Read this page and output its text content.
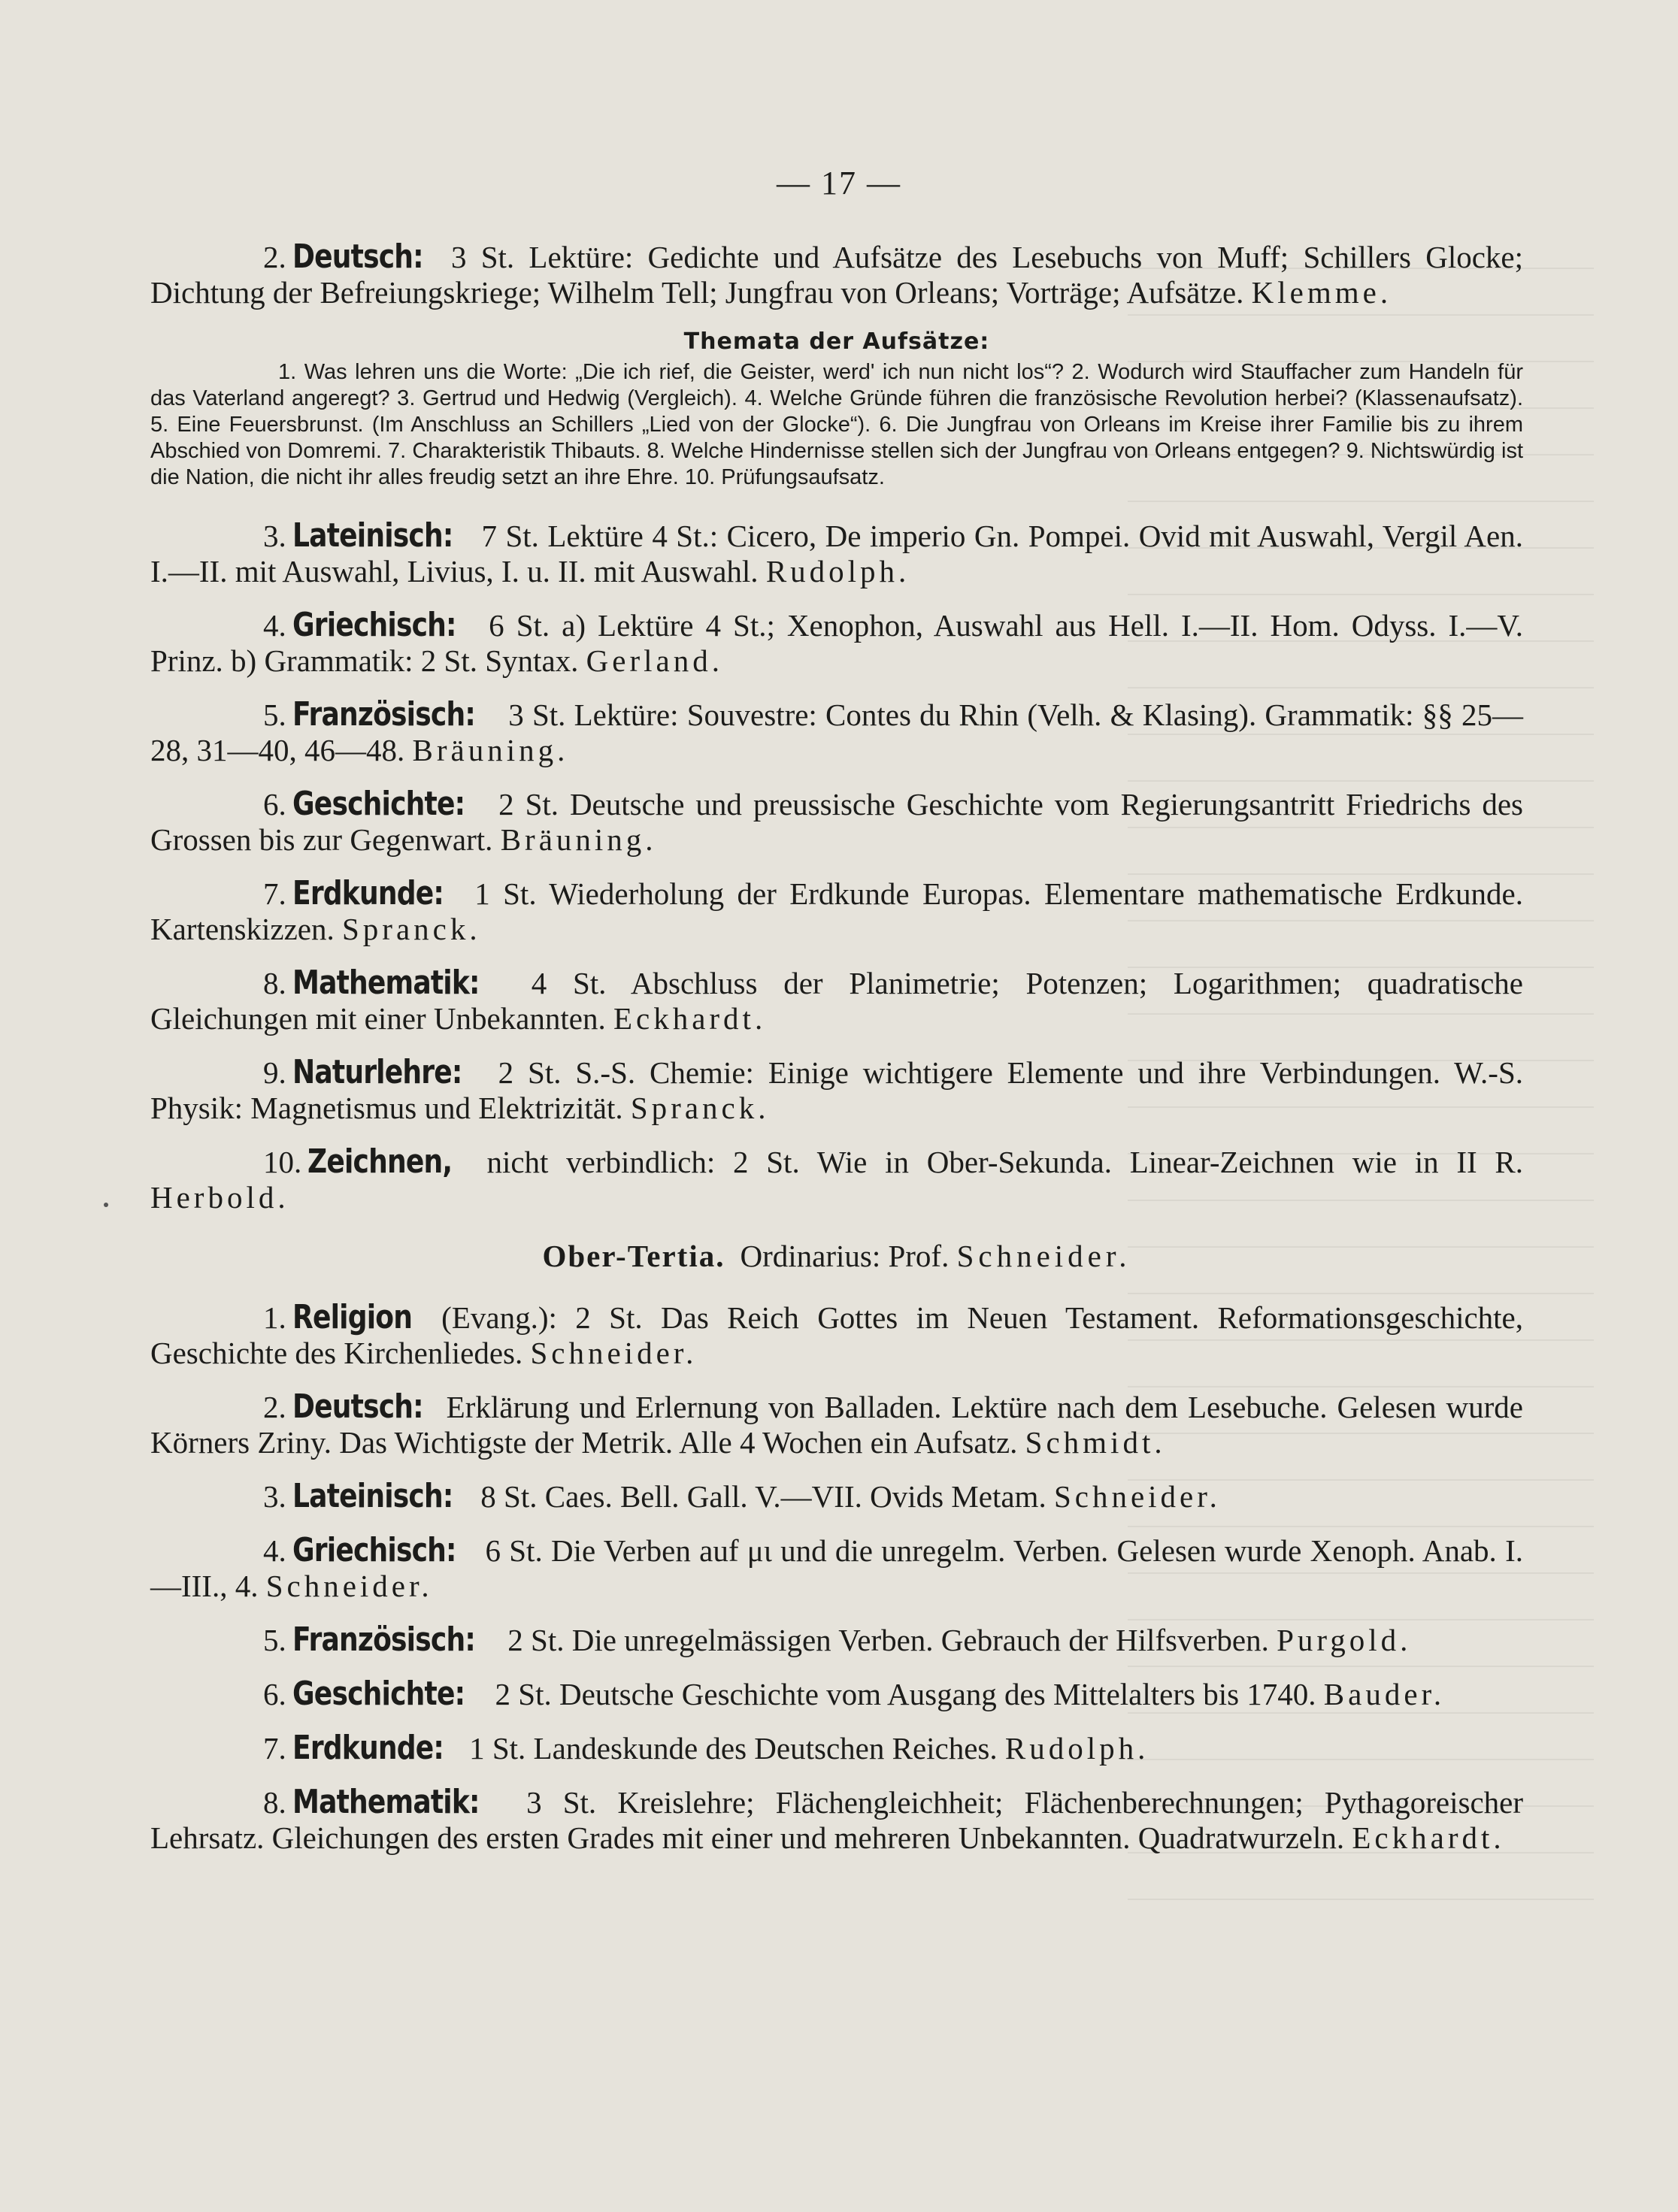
— 17 —

2. Deutsch: 3 St. Lektüre: Gedichte und Aufsätze des Lesebuchs von Muff; Schillers Glocke; Dichtung der Befreiungskriege; Wilhelm Tell; Jungfrau von Orleans; Vorträge; Aufsätze. Klemme.

Themata der Aufsätze:
1. Was lehren uns die Worte: „Die ich rief, die Geister, werd' ich nun nicht los“? 2. Wodurch wird Stauffacher zum Handeln für das Vaterland angeregt? 3. Gertrud und Hedwig (Vergleich). 4. Welche Gründe führen die französische Revolution herbei? (Klassenaufsatz). 5. Eine Feuersbrunst. (Im Anschluss an Schillers „Lied von der Glocke“). 6. Die Jungfrau von Orleans im Kreise ihrer Familie bis zu ihrem Abschied von Domremi. 7. Charakteristik Thibauts. 8. Welche Hindernisse stellen sich der Jungfrau von Orleans entgegen? 9. Nichtswürdig ist die Nation, die nicht ihr alles freudig setzt an ihre Ehre. 10. Prüfungsaufsatz.

3. Lateinisch: 7 St. Lektüre 4 St.: Cicero, De imperio Gn. Pompei. Ovid mit Auswahl, Vergil Aen. I.—II. mit Auswahl, Livius, I. u. II. mit Auswahl. Rudolph.

4. Griechisch: 6 St. a) Lektüre 4 St.; Xenophon, Auswahl aus Hell. I.—II. Hom. Odyss. I.—V. Prinz. b) Grammatik: 2 St. Syntax. Gerland.

5. Französisch: 3 St. Lektüre: Souvestre: Contes du Rhin (Velh. & Klasing). Grammatik: §§ 25—28, 31—40, 46—48. Bräuning.

6. Geschichte: 2 St. Deutsche und preussische Geschichte vom Regierungsantritt Friedrichs des Grossen bis zur Gegenwart. Bräuning.

7. Erdkunde: 1 St. Wiederholung der Erdkunde Europas. Elementare mathematische Erdkunde. Kartenskizzen. Spranck.

8. Mathematik: 4 St. Abschluss der Planimetrie; Potenzen; Logarithmen; quadratische Gleichungen mit einer Unbekannten. Eckhardt.

9. Naturlehre: 2 St. S.-S. Chemie: Einige wichtigere Elemente und ihre Verbindungen. W.-S. Physik: Magnetismus und Elektrizität. Spranck.

10. Zeichnen, nicht verbindlich: 2 St. Wie in Ober-Sekunda. Linear-Zeichnen wie in II R. Herbold.

Ober-Tertia. Ordinarius: Prof. Schneider.

1. Religion (Evang.): 2 St. Das Reich Gottes im Neuen Testament. Reformationsgeschichte, Geschichte des Kirchenliedes. Schneider.

2. Deutsch: Erklärung und Erlernung von Balladen. Lektüre nach dem Lesebuche. Gelesen wurde Körners Zriny. Das Wichtigste der Metrik. Alle 4 Wochen ein Aufsatz. Schmidt.

3. Lateinisch: 8 St. Caes. Bell. Gall. V.—VII. Ovids Metam. Schneider.

4. Griechisch: 6 St. Die Verben auf μι und die unregelm. Verben. Gelesen wurde Xenoph. Anab. I.—III., 4. Schneider.

5. Französisch: 2 St. Die unregelmässigen Verben. Gebrauch der Hilfsverben. Purgold.

6. Geschichte: 2 St. Deutsche Geschichte vom Ausgang des Mittelalters bis 1740. Bauder.

7. Erdkunde: 1 St. Landeskunde des Deutschen Reiches. Rudolph.

8. Mathematik: 3 St. Kreislehre; Flächengleichheit; Flächenberechnungen; Pythagoreischer Lehrsatz. Gleichungen des ersten Grades mit einer und mehreren Unbekannten. Quadratwurzeln. Eckhardt.
